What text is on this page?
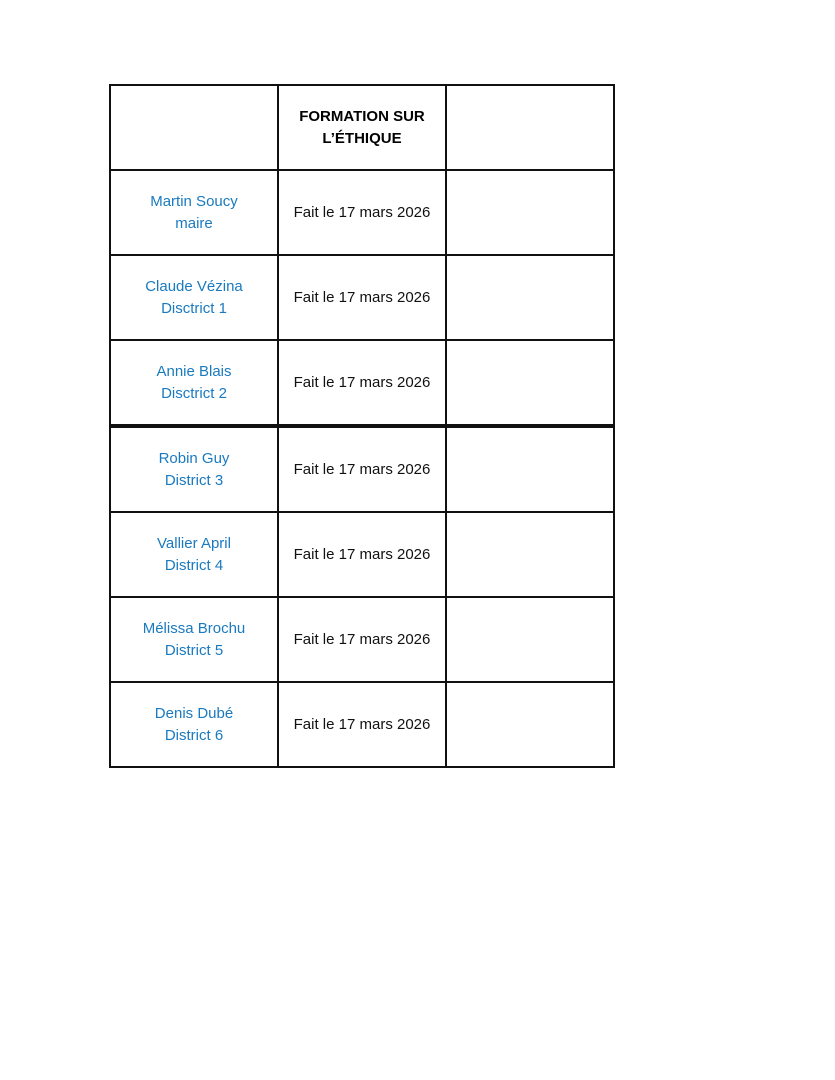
	FORMATION SUR
L’ÉTHIQUE	

Martin Soucy
maire	Fait le 17 mars 2026	

Claude Vézina
Disctrict 1	Fait le 17 mars 2026	

Annie Blais
Disctrict 2	Fait le 17 mars 2026	

Robin Guy
District 3	Fait le 17 mars 2026	

Vallier April
District 4	Fait le 17 mars 2026	

Mélissa Brochu
District 5	Fait le 17 mars 2026	

Denis Dubé
District 6	Fait le 17 mars 2026	
